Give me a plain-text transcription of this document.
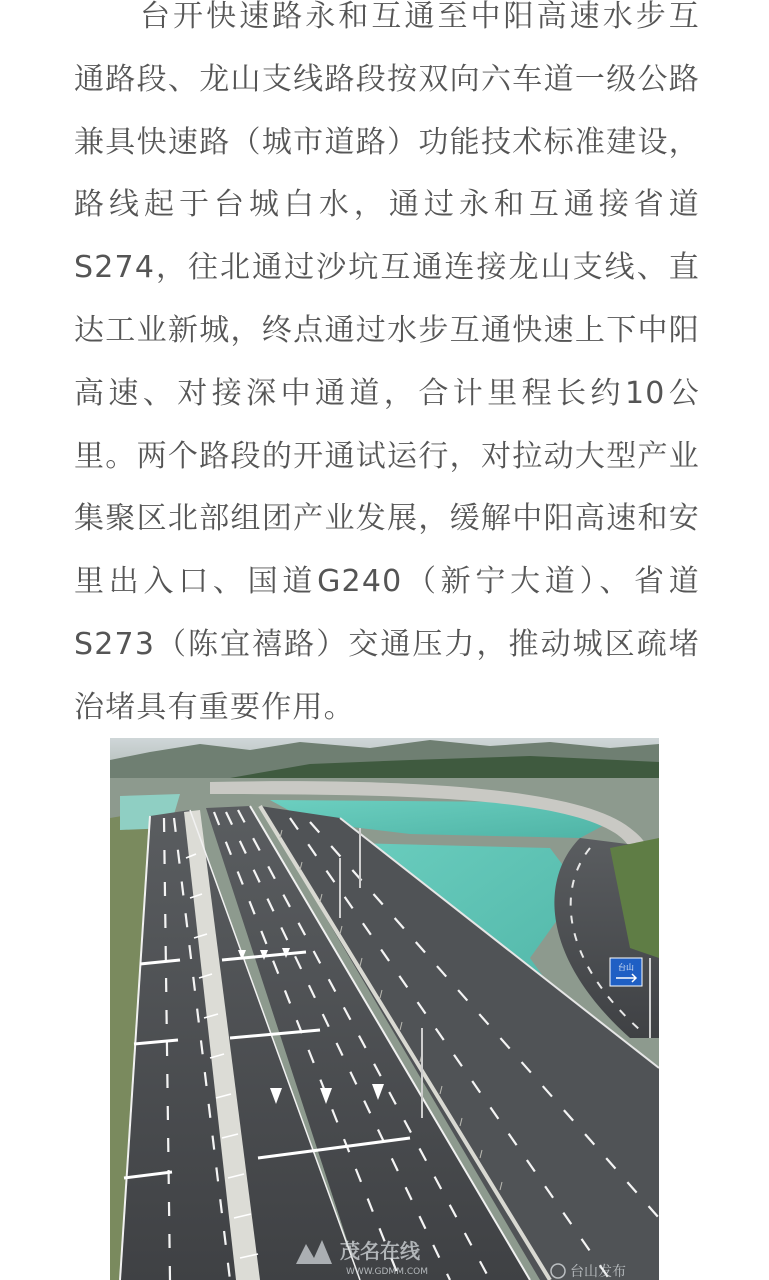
台开快速路永和互通至中阳高速水步互通路段、龙山支线路段按双向六车道一级公路兼具快速路（城市道路）功能技术标准建设，路线起于台城白水，通过永和互通接省道S274，往北通过沙坑互通连接龙山支线、直达工业新城，终点通过水步互通快速上下中阳高速、对接深中通道，合计里程长约10公里。两个路段的开通试运行，对拉动大型产业集聚区北部组团产业发展，缓解中阳高速和安里出入口、国道G240（新宁大道）、省道S273（陈宜禧路）交通压力，推动城区疏堵治堵具有重要作用。

台山
茂名在线
WWW.GDMM.COM	台山发布
